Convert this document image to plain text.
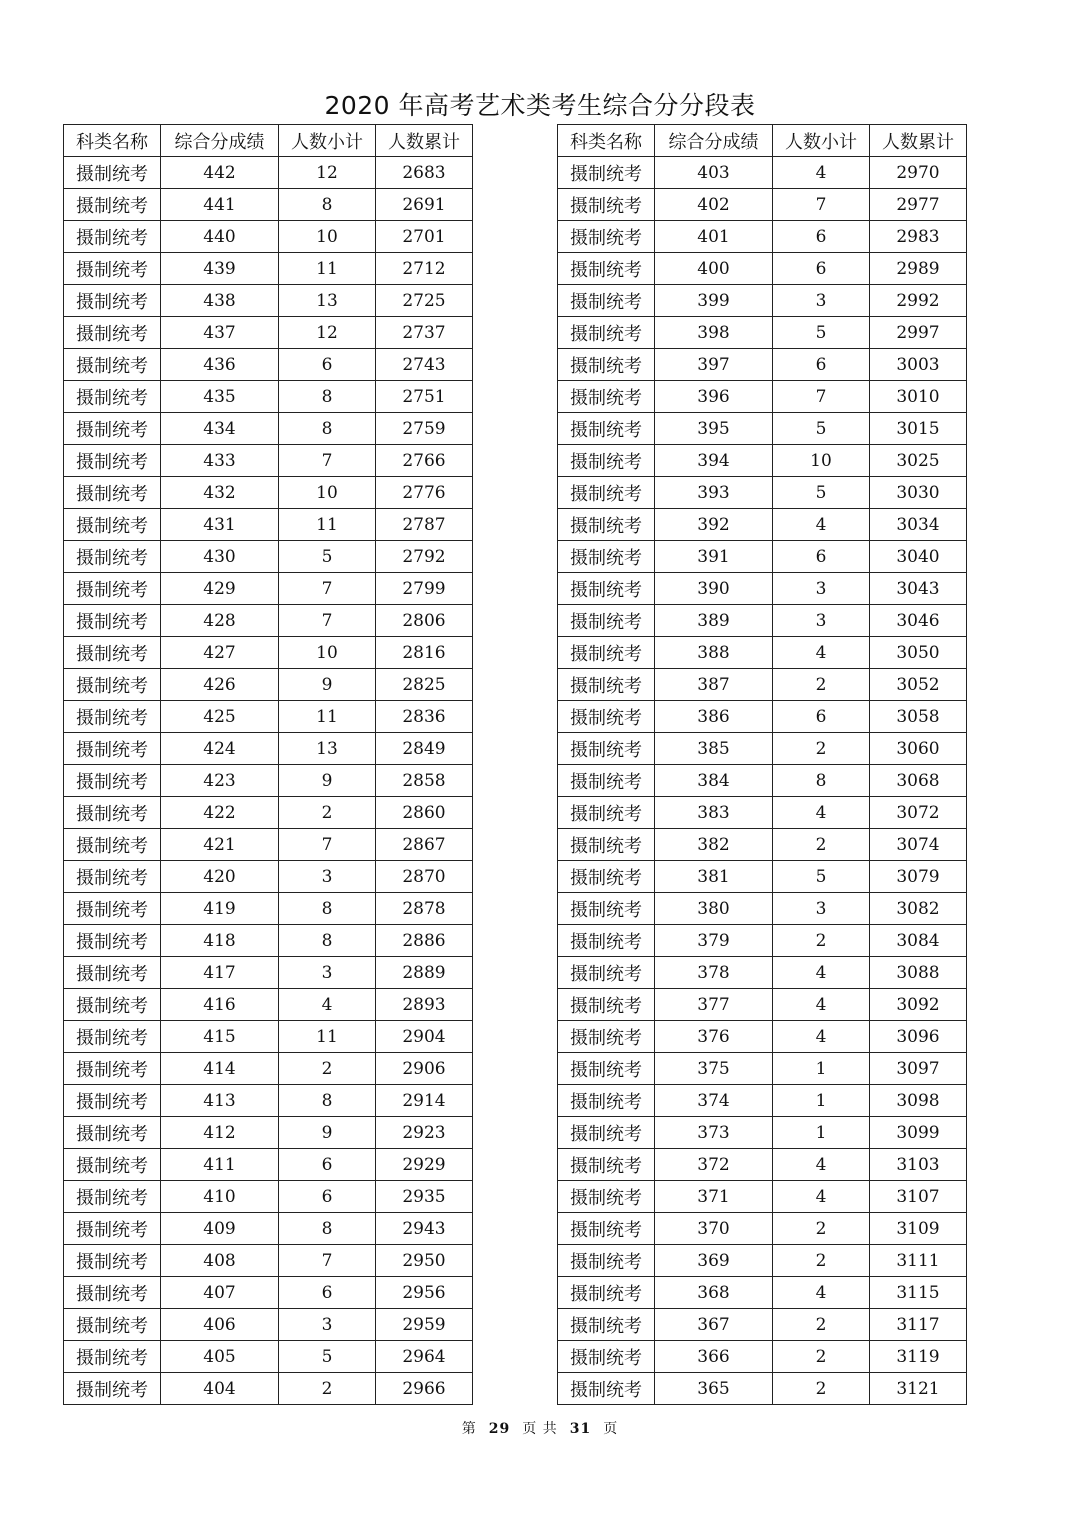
2020 年高考艺术类考生综合分分段表
科类名称	综合分成绩	人数小计	人数累计
摄制统考	442	12	2683
摄制统考	441	8	2691
摄制统考	440	10	2701
摄制统考	439	11	2712
摄制统考	438	13	2725
摄制统考	437	12	2737
摄制统考	436	6	2743
摄制统考	435	8	2751
摄制统考	434	8	2759
摄制统考	433	7	2766
摄制统考	432	10	2776
摄制统考	431	11	2787
摄制统考	430	5	2792
摄制统考	429	7	2799
摄制统考	428	7	2806
摄制统考	427	10	2816
摄制统考	426	9	2825
摄制统考	425	11	2836
摄制统考	424	13	2849
摄制统考	423	9	2858
摄制统考	422	2	2860
摄制统考	421	7	2867
摄制统考	420	3	2870
摄制统考	419	8	2878
摄制统考	418	8	2886
摄制统考	417	3	2889
摄制统考	416	4	2893
摄制统考	415	11	2904
摄制统考	414	2	2906
摄制统考	413	8	2914
摄制统考	412	9	2923
摄制统考	411	6	2929
摄制统考	410	6	2935
摄制统考	409	8	2943
摄制统考	408	7	2950
摄制统考	407	6	2956
摄制统考	406	3	2959
摄制统考	405	5	2964
摄制统考	404	2	2966
科类名称	综合分成绩	人数小计	人数累计
摄制统考	403	4	2970
摄制统考	402	7	2977
摄制统考	401	6	2983
摄制统考	400	6	2989
摄制统考	399	3	2992
摄制统考	398	5	2997
摄制统考	397	6	3003
摄制统考	396	7	3010
摄制统考	395	5	3015
摄制统考	394	10	3025
摄制统考	393	5	3030
摄制统考	392	4	3034
摄制统考	391	6	3040
摄制统考	390	3	3043
摄制统考	389	3	3046
摄制统考	388	4	3050
摄制统考	387	2	3052
摄制统考	386	6	3058
摄制统考	385	2	3060
摄制统考	384	8	3068
摄制统考	383	4	3072
摄制统考	382	2	3074
摄制统考	381	5	3079
摄制统考	380	3	3082
摄制统考	379	2	3084
摄制统考	378	4	3088
摄制统考	377	4	3092
摄制统考	376	4	3096
摄制统考	375	1	3097
摄制统考	374	1	3098
摄制统考	373	1	3099
摄制统考	372	4	3103
摄制统考	371	4	3107
摄制统考	370	2	3109
摄制统考	369	2	3111
摄制统考	368	4	3115
摄制统考	367	2	3117
摄制统考	366	2	3119
摄制统考	365	2	3121
第 29 页 共 31 页
